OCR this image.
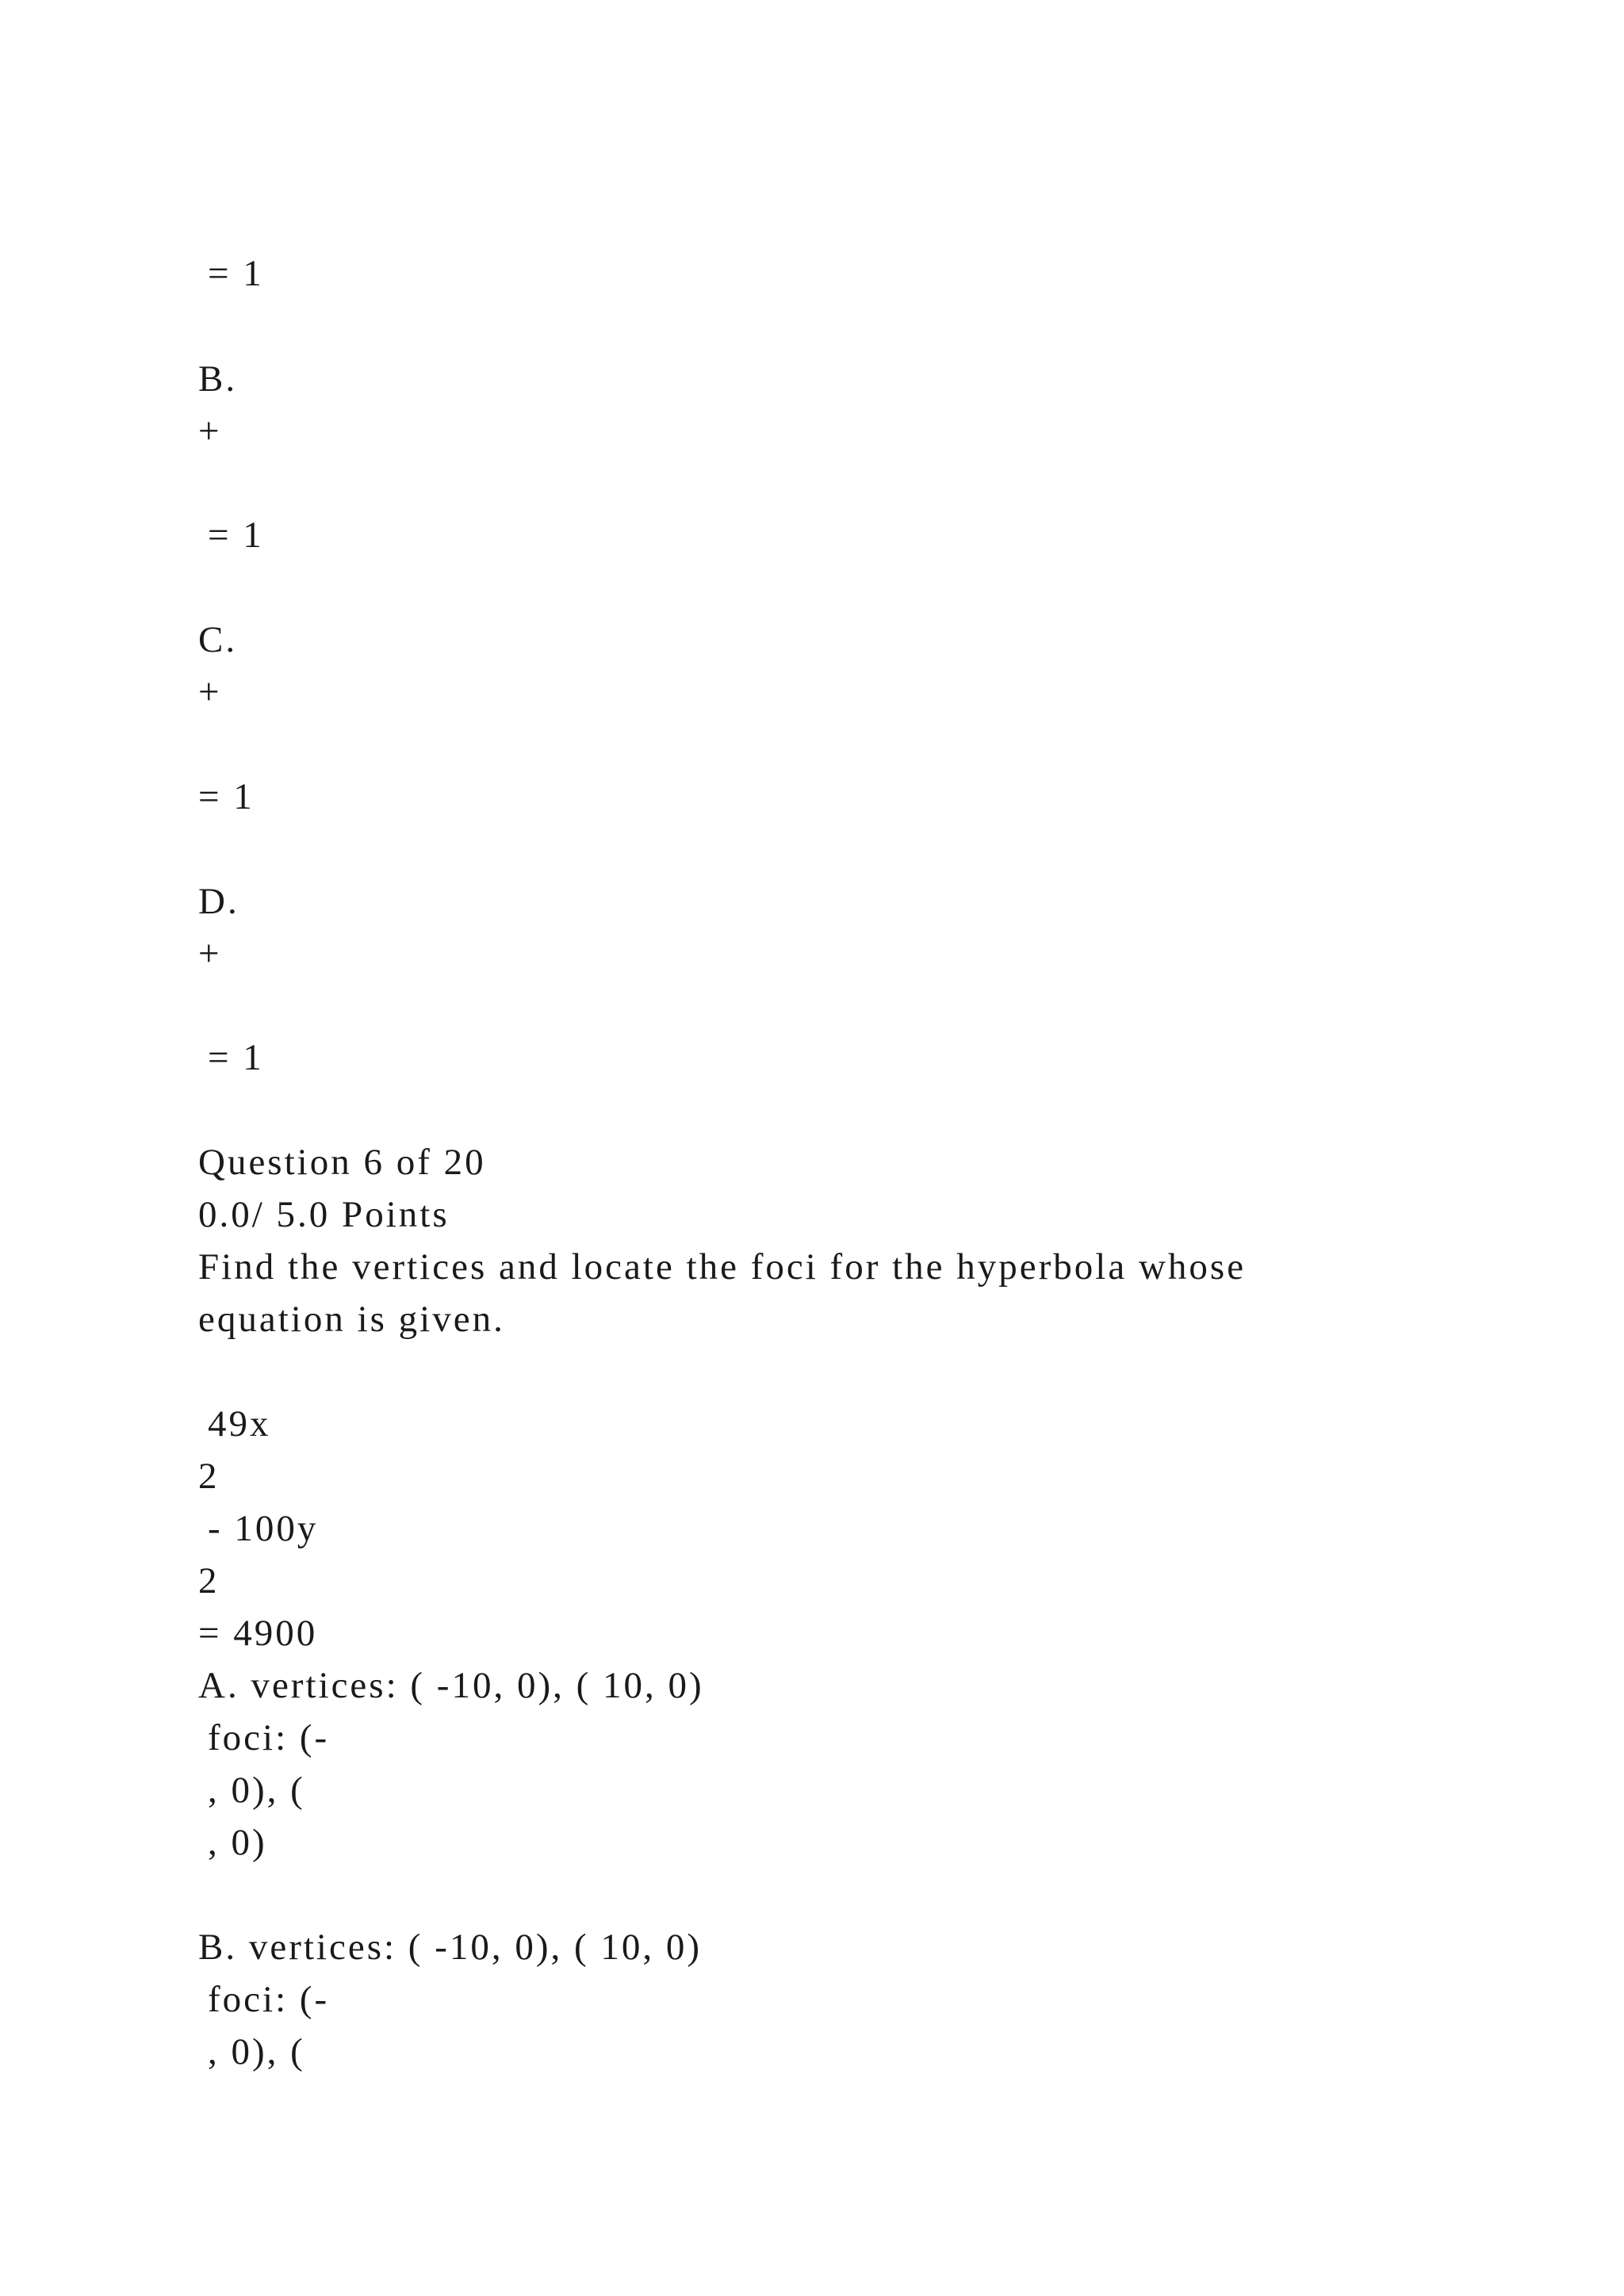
= 1
B.
+
= 1
C.
+
= 1
D.
+
= 1
Question 6 of 20
0.0/ 5.0 Points
Find the vertices and locate the foci for the hyperbola whose
equation is given.
49x
2
- 100y
2
= 4900
A. vertices: ( -10, 0), ( 10, 0)
foci: (-
, 0), (
, 0)
B. vertices: ( -10, 0), ( 10, 0)
foci: (-
, 0), (
